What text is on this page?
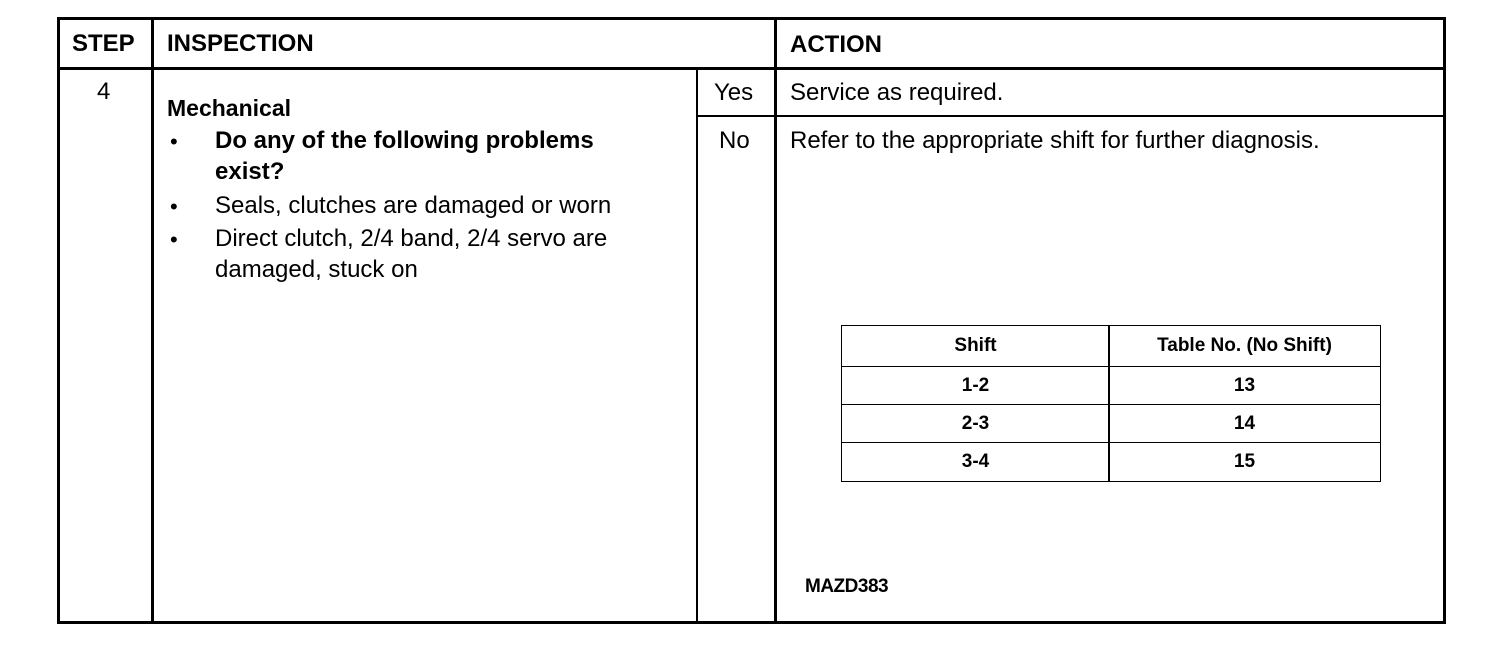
STEP INSPECTION	ACTION
4
Mechanical
• Do any of the following problems
exist?
• Seals, clutches are damaged or worn
• Direct clutch, 2/4 band, 2/4 servo are
damaged, stuck on
Yes Service as required.
No Refer to the appropriate shift for further diagnosis.
Shift	Table No. (No Shift)
1-2	13
2-3	14
3-4	15
MAZD383
